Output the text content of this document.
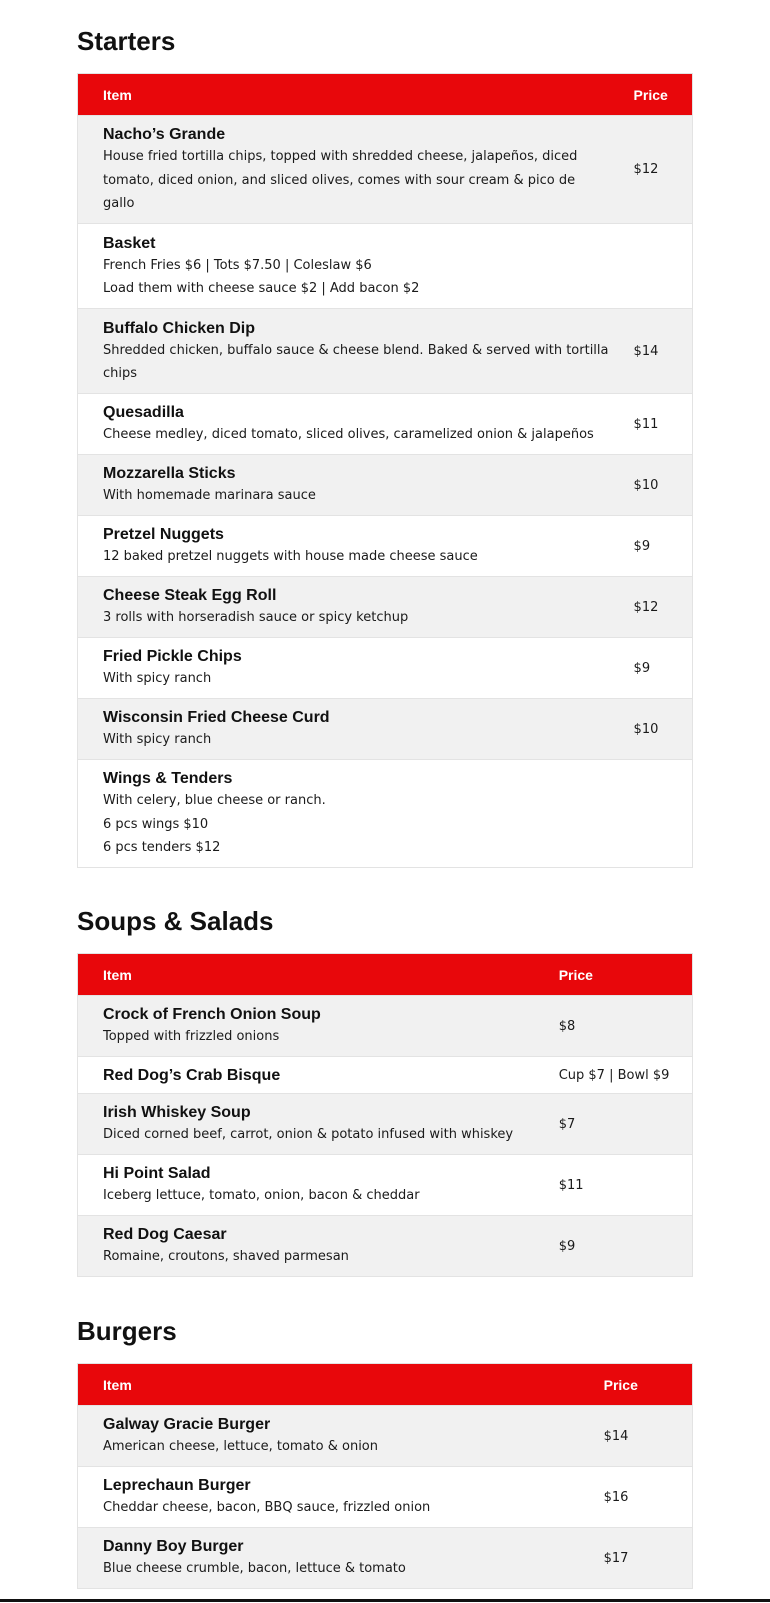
Starters
Item	Price

Nacho’s Grande
House fried tortilla chips, topped with shredded cheese, jalapeños, diced tomato, diced onion, and sliced olives, comes with sour cream & pico de gallo	$12

Basket
French Fries $6 | Tots $7.50 | Coleslaw $6
Load them with cheese sauce $2 | Add bacon $2	

Buffalo Chicken Dip
Shredded chicken, buffalo sauce & cheese blend. Baked & served with tortilla chips	$14

Quesadilla
Cheese medley, diced tomato, sliced olives, caramelized onion & jalapeños	$11

Mozzarella Sticks
With homemade marinara sauce	$10

Pretzel Nuggets
12 baked pretzel nuggets with house made cheese sauce	$9

Cheese Steak Egg Roll
3 rolls with horseradish sauce or spicy ketchup	$12

Fried Pickle Chips
With spicy ranch	$9

Wisconsin Fried Cheese Curd
With spicy ranch	$10

Wings & Tenders
With celery, blue cheese or ranch.
6 pcs wings $10
6 pcs tenders $12	

Soups & Salads
Item	Price

Crock of French Onion Soup
Topped with frizzled onions	$8

Red Dog’s Crab Bisque	Cup $7 | Bowl $9

Irish Whiskey Soup
Diced corned beef, carrot, onion & potato infused with whiskey	$7

Hi Point Salad
Iceberg lettuce, tomato, onion, bacon & cheddar	$11

Red Dog Caesar
Romaine, croutons, shaved parmesan	$9
Burgers
Item	Price

Galway Gracie Burger
American cheese, lettuce, tomato & onion	$14

Leprechaun Burger
Cheddar cheese, bacon, BBQ sauce, frizzled onion	$16

Danny Boy Burger
Blue cheese crumble, bacon, lettuce & tomato	$17
